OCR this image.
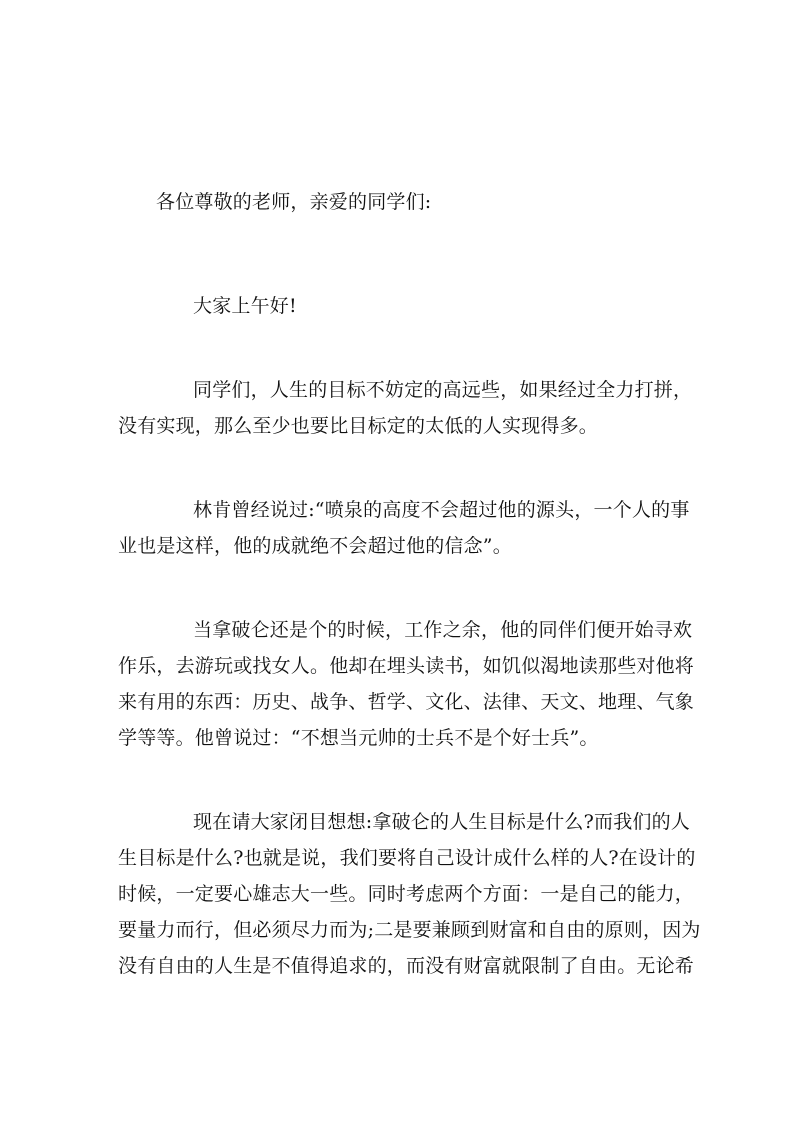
各位尊敬的老师，亲爱的同学们:
大家上午好!
同学们，人生的目标不妨定的高远些，如果经过全力打拼，
没有实现，那么至少也要比目标定的太低的人实现得多。
林肯曾经说过:“喷泉的高度不会超过他的源头，一个人的事
业也是这样，他的成就绝不会超过他的信念”。
当拿破仑还是个的时候，工作之余，他的同伴们便开始寻欢
作乐，去游玩或找女人。他却在埋头读书，如饥似渴地读那些对他将
来有用的东西：历史、战争、哲学、文化、法律、天文、地理、气象
学等等。他曾说过：“不想当元帅的士兵不是个好士兵”。
现在请大家闭目想想:拿破仑的人生目标是什么?而我们的人
生目标是什么?也就是说，我们要将自己设计成什么样的人?在设计的
时候，一定要心雄志大一些。同时考虑两个方面：一是自己的能力，
要量力而行，但必须尽力而为;二是要兼顾到财富和自由的原则，因为
没有自由的人生是不值得追求的，而没有财富就限制了自由。无论希
